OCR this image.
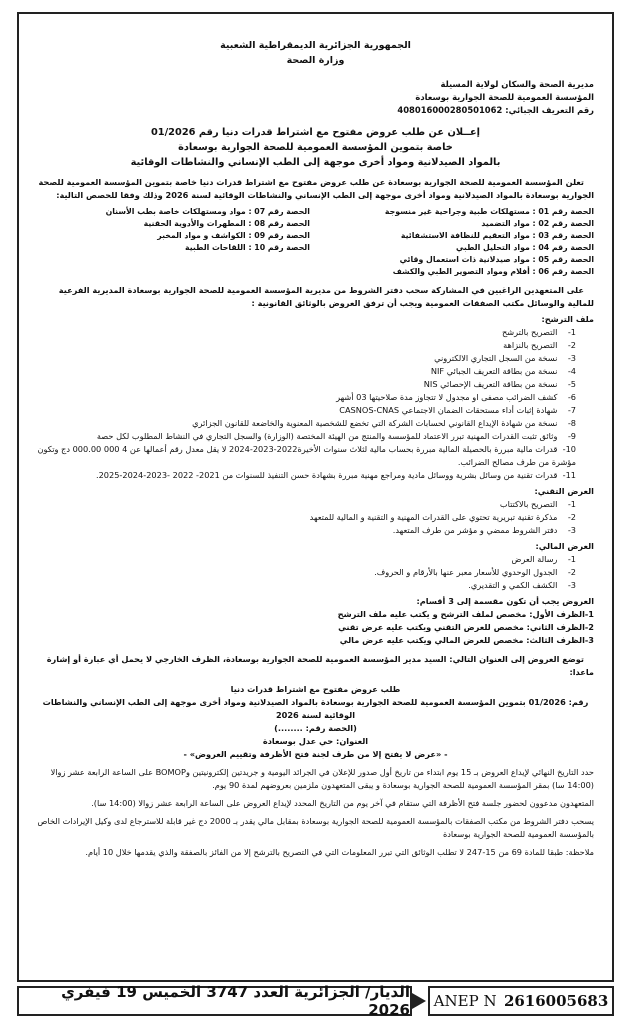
الجمهورية الجزائرية الديمقراطية الشعبية

وزارة الصحة

مديرية الصحة والسكان لولاية المسيلة

المؤسسة العمومية للصحة الجوارية بوسعادة

رقم التعريف الجبائي: 408016000280501062

إعــلان عن طلب عروض مفتوح مع اشتراط قدرات دنيا رقم 01/2026

خاصة بتموين المؤسسة العمومية للصحة الجوارية بوسعادة

بالمواد الصيدلانية ومواد أخرى موجهة إلى الطب الإنساني والنشاطات الوقائية

تعلن المؤسسة العمومية للصحة الجوارية بوسعادة عن طلب عروض مفتوح مع اشتراط قدرات دنيا خاصة بتموين المؤسسة العمومية للصحة الجوارية بوسعادة بالمواد الصيدلانية ومواد أخرى موجهة إلى الطب الإنساني والنشاطات الوقائية لسنة 2026 وذلك وفقا للحصص التالية:

الحصة رقم 01 : مستهلكات طبية وجراحية غير منسوجة

الحصة رقم 02 : مواد التضميد

الحصة رقم 03 : مواد التعقيم للنظافة الاستشفائية

الحصة رقم 04 : مواد التحليل الطبي

الحصة رقم 05 : مواد صيدلانية ذات استعمال وقائي

الحصة رقم 06 : أفلام ومواد التصوير الطبي والكشف

الحصة رقم 07 : مواد ومستهلكات خاصة بطب الأسنان

الحصة رقم 08 : المطهرات والأدوية الحقنية

الحصة رقم 09 : الكواشف و مواد المخبر

الحصة رقم 10 : اللقاحات الطبية

على المتعهدين الراغبين في المشاركة سحب دفتر الشروط من مديرية المؤسسة العمومية للصحة الجوارية بوسعادة المديرية الفرعية للمالية والوسائل مكتب الصفقات العمومية ويجب أن ترفق العروض بالوثائق القانونية :

ملف الترشح:

1- التصريح بالترشح
2- التصريح بالنزاهة
3- نسخة من السجل التجاري الالكتروني
4- نسخة من بطاقة التعريف الجبائي NIF
5- نسخة من بطاقة التعريف الإحصائي NIS
6- كشف الضرائب مصفى او مجدول لا تتجاوز مدة صلاحيتها 03 أشهر
7- شهادة إثبات أداء مستحقات الضمان الاجتماعي CASNOS-CNAS
8- نسخة من شهادة الإيداع القانوني لحسابات الشركة التي تخضع للشخصية المعنوية والخاضعة للقانون الجزائري
9- وثائق تثبت القدرات المهنية تبرر الاعتماد للمؤسسة والمنتج من الهيئة المختصة (الوزارة) والسجل التجاري في النشاط المطلوب لكل حصة
10- قدرات مالية مبررة بالحصيلة المالية مبررة بحساب مالية لثلاث سنوات الأخيرة2022-2023-2024 لا يقل معدل رقم أعمالها عن 4 000 000.00 دج وتكون مؤشرة من طرف مصالح الضرائب.
11- قدرات تقنية من وسائل بشرية ووسائل مادية ومراجع مهنية مبررة بشهادة حسن التنفيذ للسنوات من 2021- 2022 -2023-2024-2025.

العرض التقني:

1- التصريح بالاكتتاب
2- مذكرة تقنية تبريرية تحتوي على القدرات المهنية و التقنية و المالية للمتعهد
3- دفتر الشروط ممضي و مؤشر من طرف المتعهد.

العرض المالي:

1- رسالة العرض
2- الجدول الوحدوي للأسعار معبر عنها بالأرقام و الحروف.
3- الكشف الكمي و التقديري.

العروض يجب أن تكون مقسمة إلى 3 أقسام:

1-الظرف الأول: مخصص لملف الترشح و يكتب عليه ملف الترشح

2-الظرف الثاني: مخصص للعرض التقني ويكتب عليه عرض تقني

3-الظرف الثالث: مخصص للعرض المالي ويكتب عليه عرض مالي

توضع العروض إلى العنوان التالي: السيد مدير المؤسسة العمومية للصحة الجوارية بوسعادة، الظرف الخارجي لا يحمل أي عبارة أو إشارة ماعدا:

طلب عروض مفتوح مع اشتراط قدرات دنيا

رقم: 01/2026 بتموين المؤسسة العمومية للصحة الجوارية بوسعادة بالمواد الصيدلانية ومواد أخرى موجهة إلى الطب الإنساني والنشاطات الوقائية لسنة 2026

(الحصة رقم: ........)

العنوان: حي عدل بوسعادة

- «عرض لا يفتح إلا من طرف لجنة فتح الأظرفة وتقييم العروض» -

حدد التاريخ النهائي لإيداع العروض بـ 15 يوم ابتداء من تاريخ أول صدور للإعلان في الجرائد اليومية و جريدتين إلكترونيتين وBOMOP على الساعة الرابعة عشر زوالا (14:00 سا) بمقر المؤسسة العمومية للصحة الجوارية بوسعادة و يبقى المتعهدون ملزمين بعروضهم لمدة 90 يوم.

المتعهدون مدعوون لحضور جلسة فتح الأظرفة التي ستقام في آخر يوم من التاريخ المحدد لإيداع العروض على الساعة الرابعة عشر زوالا (14:00 سا).

يسحب دفتر الشروط من مكتب الصفقات بالمؤسسة العمومية للصحة الجوارية بوسعادة بمقابل مالي يقدر بـ 2000 دج غير قابلة للاسترجاع لدى وكيل الإيرادات الخاص بالمؤسسة العمومية للصحة الجوارية بوسعادة

ملاحظة: طبقا للمادة 69 من 15-247 لا تطلب الوثائق التي تبرر المعلومات التي في التصريح بالترشح إلا من الفائز بالصفقة والذي يقدمها خلال 10 أيام.

الديار/ الجزائرية العدد 3747 الخميس 19 فيفري 2026 ANEP N 2616005683
